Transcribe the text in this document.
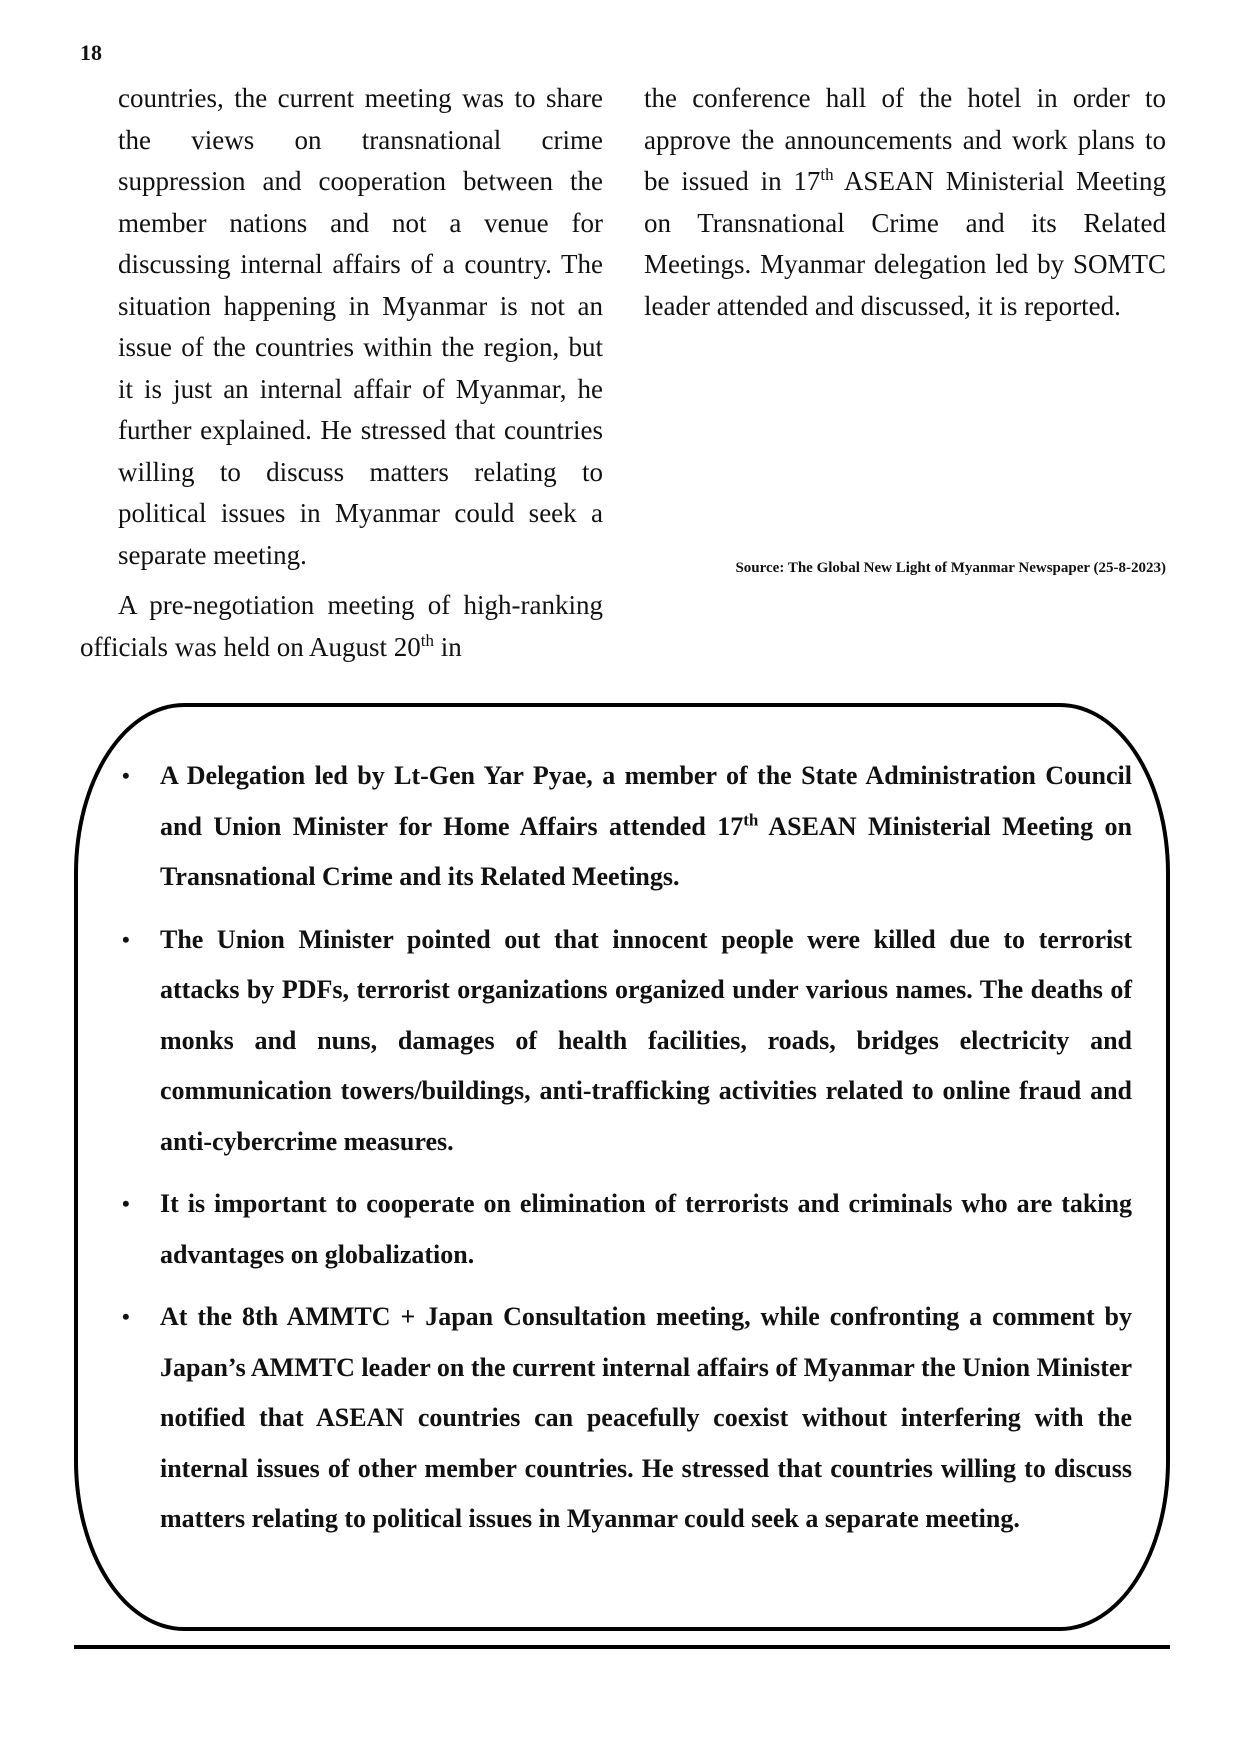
18

countries, the current meeting was to share the views on transnational crime suppression and cooperation between the member nations and not a venue for discussing internal affairs of a country. The situation happening in Myanmar is not an issue of the countries within the region, but it is just an internal affair of Myanmar, he further explained. He stressed that countries willing to discuss matters relating to political issues in Myanmar could seek a separate meeting.

A pre-negotiation meeting of high-ranking officials was held on August 20th in

the conference hall of the hotel in order to approve the announcements and work plans to be issued in 17th ASEAN Ministerial Meeting on Transnational Crime and its Related Meetings. Myanmar delegation led by SOMTC leader attended and discussed, it is reported.

Source: The Global New Light of Myanmar Newspaper (25-8-2023)
• A Delegation led by Lt-Gen Yar Pyae, a member of the State Administration Council and Union Minister for Home Affairs attended 17th ASEAN Ministerial Meeting on Transnational Crime and its Related Meetings.
• The Union Minister pointed out that innocent people were killed due to terrorist attacks by PDFs, terrorist organizations organized under various names. The deaths of monks and nuns, damages of health facilities, roads, bridges electricity and communication towers/buildings, anti-trafficking activities related to online fraud and anti-cybercrime measures.
• It is important to cooperate on elimination of terrorists and criminals who are taking advantages on globalization.
• At the 8th AMMTC + Japan Consultation meeting, while confronting a comment by Japan’s AMMTC leader on the current internal affairs of Myanmar the Union Minister notified that ASEAN countries can peacefully coexist without interfering with the internal issues of other member countries. He stressed that countries willing to discuss matters relating to political issues in Myanmar could seek a separate meeting.
